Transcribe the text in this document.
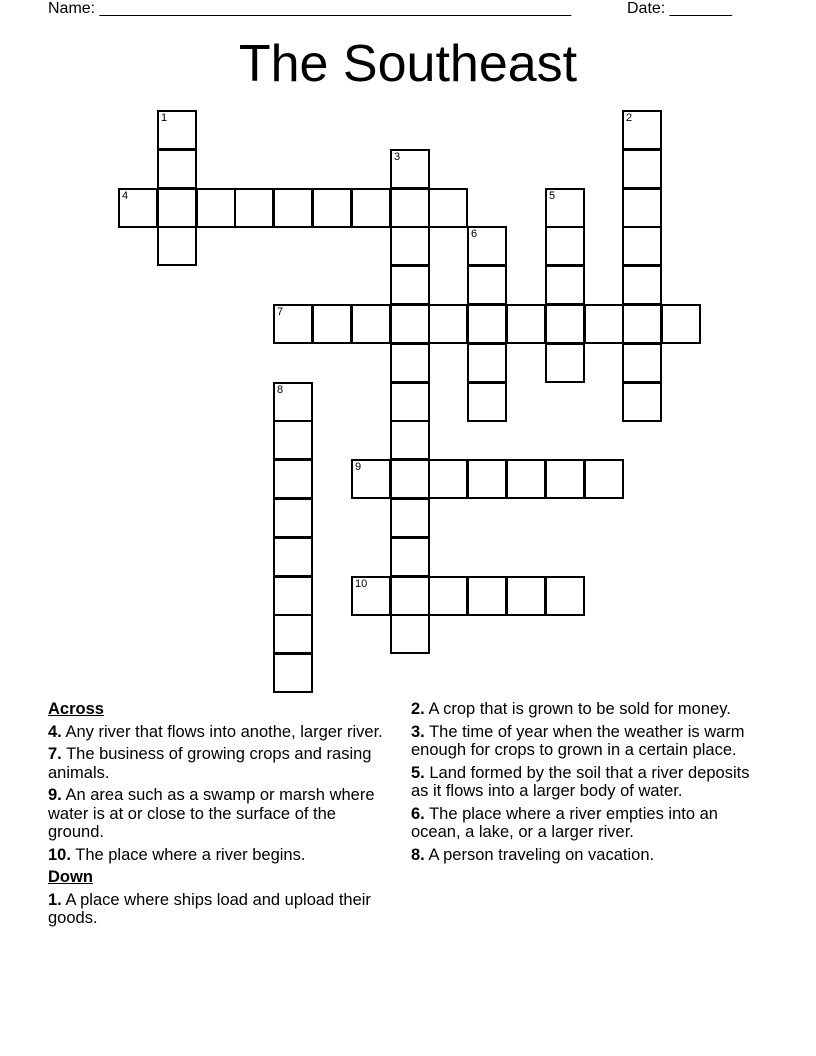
Name: _____________________________________________________	Date: _______
The Southeast
1	2
3
4	5
6
7
8
9
10
Across
4. Any river that flows into anothe, larger river.
7. The business of growing crops and rasing animals.
9. An area such as a swamp or marsh where water is at or close to the surface of the ground.
10. The place where a river begins.
Down
1. A place where ships load and upload their goods.
2. A crop that is grown to be sold for money.
3. The time of year when the weather is warm enough for crops to grown in a certain place.
5. Land formed by the soil that a river deposits as it flows into a larger body of water.
6. The place where a river empties into an ocean, a lake, or a larger river.
8. A person traveling on vacation.
